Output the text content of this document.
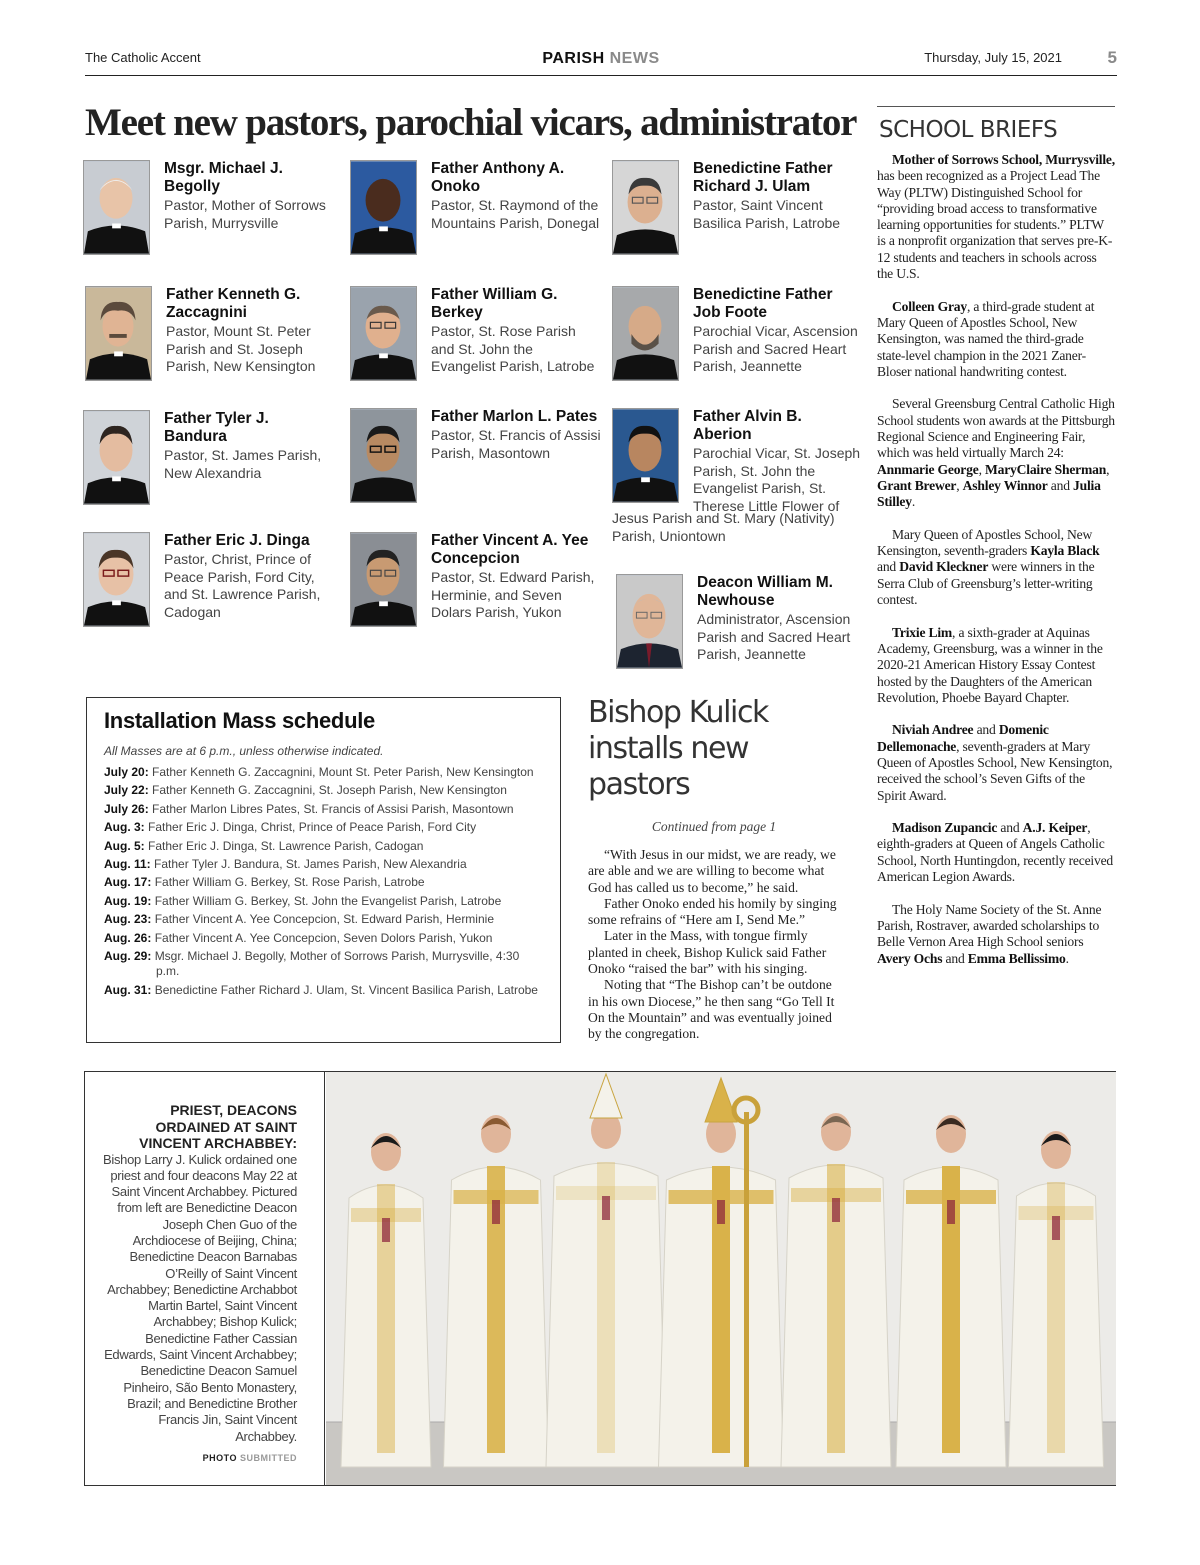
The Catholic Accent	PARISH NEWS	Thursday, July 15, 2021	5
Meet new pastors, parochial vicars, administrator
Msgr. Michael J. Begolly
Pastor, Mother of Sorrows Parish, Murrysville
Father Kenneth G. Zaccagnini
Pastor, Mount St. Peter Parish and St. Joseph Parish, New Kensington
Father Tyler J. Bandura
Pastor, St. James Parish, New Alexandria
Father Eric J. Dinga
Pastor, Christ, Prince of Peace Parish, Ford City, and St. Lawrence Parish, Cadogan
Father Anthony A. Onoko
Pastor, St. Raymond of the Mountains Parish, Donegal
Father William G. Berkey
Pastor, St. Rose Parish and St. John the Evangelist Parish, Latrobe
Father Marlon L. Pates
Pastor, St. Francis of Assisi Parish, Masontown
Father Vincent A. Yee Concepcion
Pastor, St. Edward Parish, Herminie, and Seven Dolars Parish, Yukon
Benedictine Father Richard J. Ulam
Pastor, Saint Vincent Basilica Parish, Latrobe
Benedictine Father Job Foote
Parochial Vicar, Ascension Parish and Sacred Heart Parish, Jeannette
Father Alvin B. Aberion
Parochial Vicar, St. Joseph Parish, St. John the Evangelist Parish, St. Therese Little Flower of
Jesus Parish and St. Mary (Nativity) Parish, Uniontown
Deacon William M. Newhouse
Administrator, Ascension Parish and Sacred Heart Parish, Jeannette
Installation Mass schedule
All Masses are at 6 p.m., unless otherwise indicated.
July 20: Father Kenneth G. Zaccagnini, Mount St. Peter Parish, New Kensington
July 22: Father Kenneth G. Zaccagnini, St. Joseph Parish, New Kensington
July 26: Father Marlon Libres Pates, St. Francis of Assisi Parish, Masontown
Aug. 3: Father Eric J. Dinga, Christ, Prince of Peace Parish, Ford City
Aug. 5: Father Eric J. Dinga, St. Lawrence Parish, Cadogan
Aug. 11: Father Tyler J. Bandura, St. James Parish, New Alexandria
Aug. 17: Father William G. Berkey, St. Rose Parish, Latrobe
Aug. 19: Father William G. Berkey, St. John the Evangelist Parish, Latrobe
Aug. 23: Father Vincent A. Yee Concepcion, St. Edward Parish, Herminie
Aug. 26: Father Vincent A. Yee Concepcion, Seven Dolors Parish, Yukon
Aug. 29: Msgr. Michael J. Begolly, Mother of Sorrows Parish, Murrysville, 4:30 p.m.
Aug. 31: Benedictine Father Richard J. Ulam, St. Vincent Basilica Parish, Latrobe
Bishop Kulick installs new pastors
Continued from page 1

“With Jesus in our midst, we are ready, we are able and we are willing to become what God has called us to become,” he said.

Father Onoko ended his homily by singing some refrains of “Here am I, Send Me.”

Later in the Mass, with tongue firmly planted in cheek, Bishop Kulick said Father Onoko “raised the bar” with his singing.

Noting that “The Bishop can’t be outdone in his own Diocese,” he then sang “Go Tell It On the Mountain” and was eventually joined by the congregation.

SCHOOL BRIEFS

Mother of Sorrows School, Murrysville, has been recognized as a Project Lead The Way (PLTW) Distinguished School for “providing broad access to transformative learning opportunities for students.” PLTW is a nonprofit organization that serves pre-K-12 students and teachers in schools across the U.S.

Colleen Gray, a third-grade student at Mary Queen of Apostles School, New Kensington, was named the third-grade state-level champion in the 2021 Zaner-Bloser national handwriting contest.

Several Greensburg Central Catholic High School students won awards at the Pittsburgh Regional Science and Engineering Fair, which was held virtually March 24: Annmarie George, MaryClaire Sherman, Grant Brewer, Ashley Winnor and Julia Stilley.

Mary Queen of Apostles School, New Kensington, seventh-graders Kayla Black and David Kleckner were winners in the Serra Club of Greensburg’s letter-writing contest.

Trixie Lim, a sixth-grader at Aquinas Academy, Greensburg, was a winner in the 2020-21 American History Essay Contest hosted by the Daughters of the American Revolution, Phoebe Bayard Chapter.

Niviah Andree and Domenic Dellemonache, seventh-graders at Mary Queen of Apostles School, New Kensington, received the school’s Seven Gifts of the Spirit Award.

Madison Zupancic and A.J. Keiper, eighth-graders at Queen of Angels Catholic School, North Huntingdon, recently received American Legion Awards.

The Holy Name Society of the St. Anne Parish, Rostraver, awarded scholarships to Belle Vernon Area High School seniors Avery Ochs and Emma Bellissimo.

PRIEST, DEACONS ORDAINED AT SAINT VINCENT ARCHABBEY:
Bishop Larry J. Kulick ordained one priest and four deacons May 22 at Saint Vincent Archabbey. Pictured from left are Benedictine Deacon Joseph Chen Guo of the Archdiocese of Beijing, China; Benedictine Deacon Barnabas O’Reilly of Saint Vincent Archabbey; Benedictine Archabbot Martin Bartel, Saint Vincent Archabbey; Bishop Kulick; Benedictine Father Cassian Edwards, Saint Vincent Archabbey; Benedictine Deacon Samuel Pinheiro, São Bento Monastery, Brazil; and Benedictine Brother Francis Jin, Saint Vincent Archabbey.
PHOTO SUBMITTED
